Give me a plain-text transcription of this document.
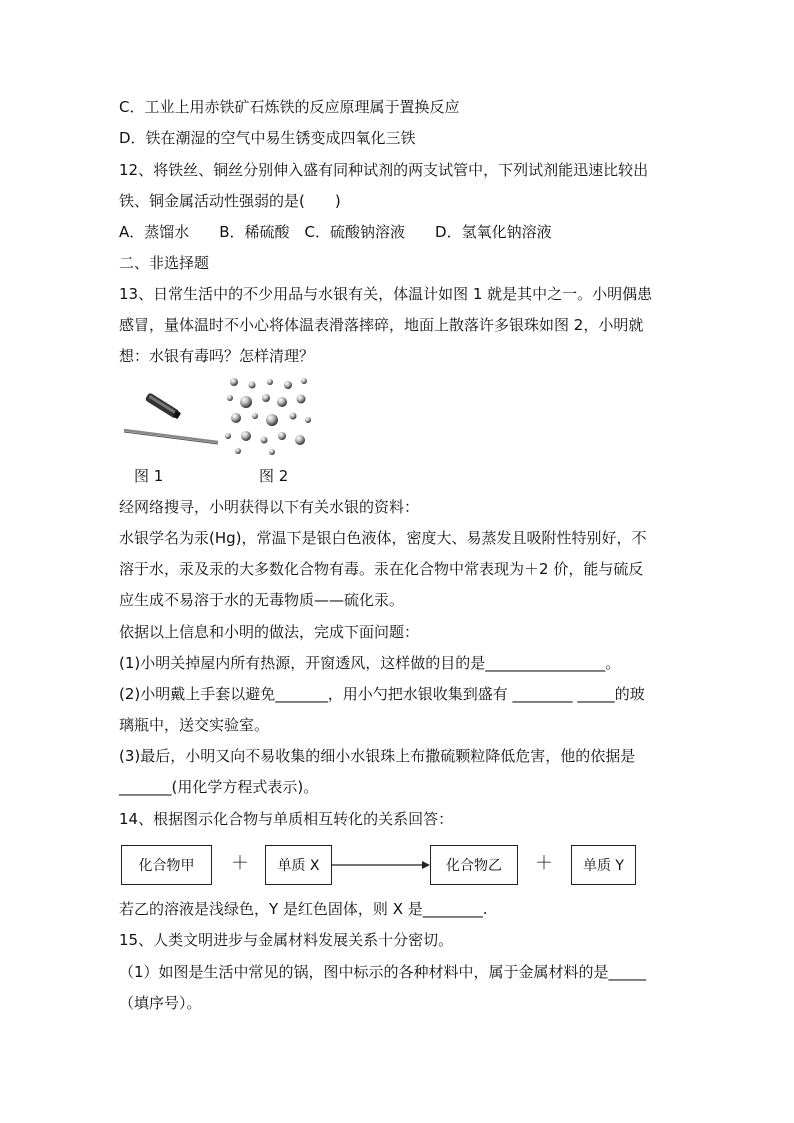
C．工业上用赤铁矿石炼铁的反应原理属于置换反应
D．铁在潮湿的空气中易生锈变成四氧化三铁
12、将铁丝、铜丝分别伸入盛有同种试剂的两支试管中，下列试剂能迅速比较出
铁、铜金属活动性强弱的是(　　)
A．蒸馏水　　B．稀硫酸　C．硫酸钠溶液　　D．氢氧化钠溶液
二、非选择题
13、日常生活中的不少用品与水银有关，体温计如图 1 就是其中之一。小明偶患
感冒，量体温时不小心将体温表滑落摔碎，地面上散落许多银珠如图 2，小明就
想：水银有毒吗？怎样清理？
图 1	图 2
经网络搜寻，小明获得以下有关水银的资料：
水银学名为汞(Hg)，常温下是银白色液体，密度大、易蒸发且吸附性特别好，不
溶于水，汞及汞的大多数化合物有毒。汞在化合物中常表现为＋2 价，能与硫反
应生成不易溶于水的无毒物质——硫化汞。
依据以上信息和小明的做法，完成下面问题：
(1)小明关掉屋内所有热源，开窗透风，这样做的目的是________________。
(2)小明戴上手套以避免_______，用小勺把水银收集到盛有 ________ _____的玻
璃瓶中，送交实验室。
(3)最后，小明又向不易收集的细小水银珠上布撒硫颗粒降低危害，他的依据是
_______(用化学方程式表示)。
14、根据图示化合物与单质相互转化的关系回答：
化合物甲	＋	单质 X	化合物乙	＋	单质 Y
若乙的溶液是浅绿色，Y 是红色固体，则 X 是________.
15、人类文明进步与金属材料发展关系十分密切。
（1）如图是生活中常见的锅，图中标示的各种材料中，属于金属材料的是_____
（填序号）。
